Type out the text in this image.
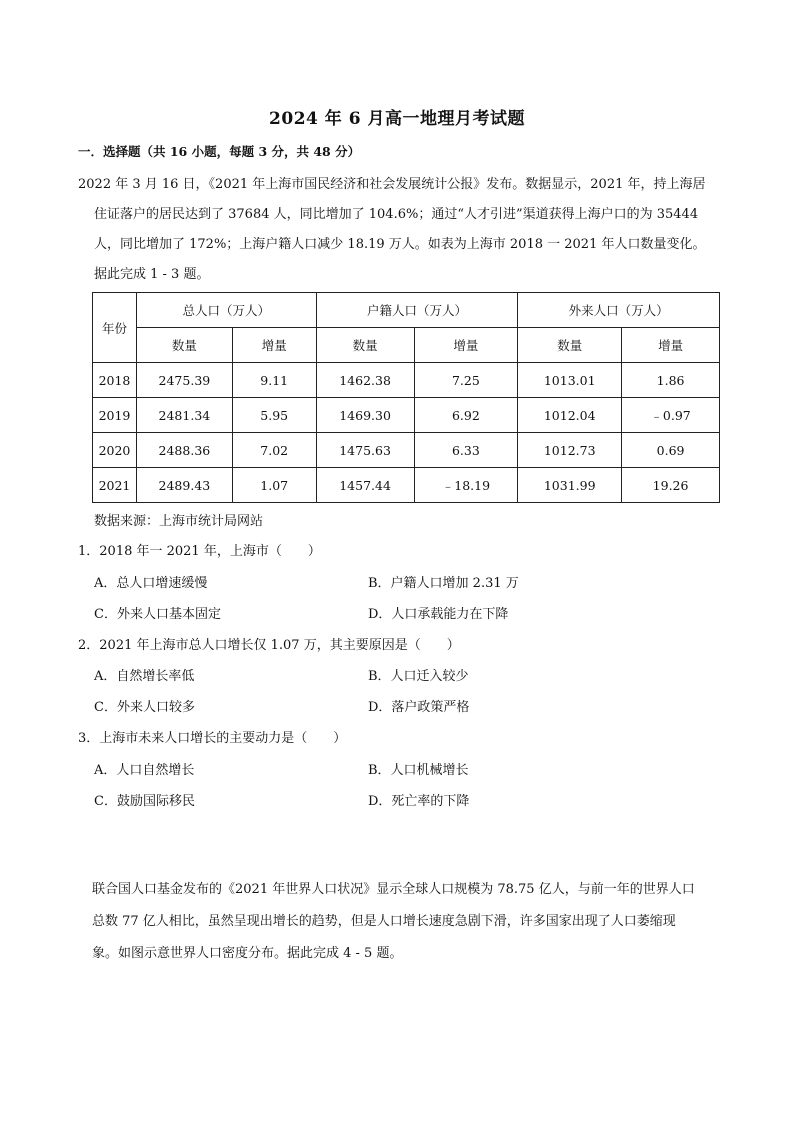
2024 年 6 月高一地理月考试题
一．选择题（共 16 小题，每题 3 分，共 48 分）
2022 年 3 月 16 日，《2021 年上海市国民经济和社会发展统计公报》发布。数据显示，2021 年，持上海居
住证落户的居民达到了 37684 人，同比增加了 104.6%；通过“人才引进”渠道获得上海户口的为 35444
人，同比增加了 172%；上海户籍人口减少 18.19 万人。如表为上海市 2018 一 2021 年人口数量变化。
据此完成 1 - 3 题。
年份	总人口（万人）		户籍人口（万人）		外来人口（万人）	
	数量	增量	数量	增量	数量	增量
2018	2475.39	9.11	1462.38	7.25	1013.01	1.86
2019	2481.34	5.95	1469.30	6.92	1012.04	﹣0.97
2020	2488.36	7.02	1475.63	6.33	1012.73	0.69
2021	2489.43	1.07	1457.44	﹣18.19	1031.99	19.26
数据来源：上海市统计局网站
1．2018 年一 2021 年，上海市（　　）
A．总人口增速缓慢	B．户籍人口增加 2.31 万
C．外来人口基本固定	D．人口承载能力在下降
2．2021 年上海市总人口增长仅 1.07 万，其主要原因是（　　）
A．自然增长率低	B．人口迁入较少
C．外来人口较多	D．落户政策严格
3．上海市未来人口增长的主要动力是（　　）
A．人口自然增长	B．人口机械增长
C．鼓励国际移民	D．死亡率的下降
联合国人口基金发布的《2021 年世界人口状况》显示全球人口规模为 78.75 亿人，与前一年的世界人口
总数 77 亿人相比，虽然呈现出增长的趋势，但是人口增长速度急剧下滑，许多国家出现了人口萎缩现
象。如图示意世界人口密度分布。据此完成 4 - 5 题。
